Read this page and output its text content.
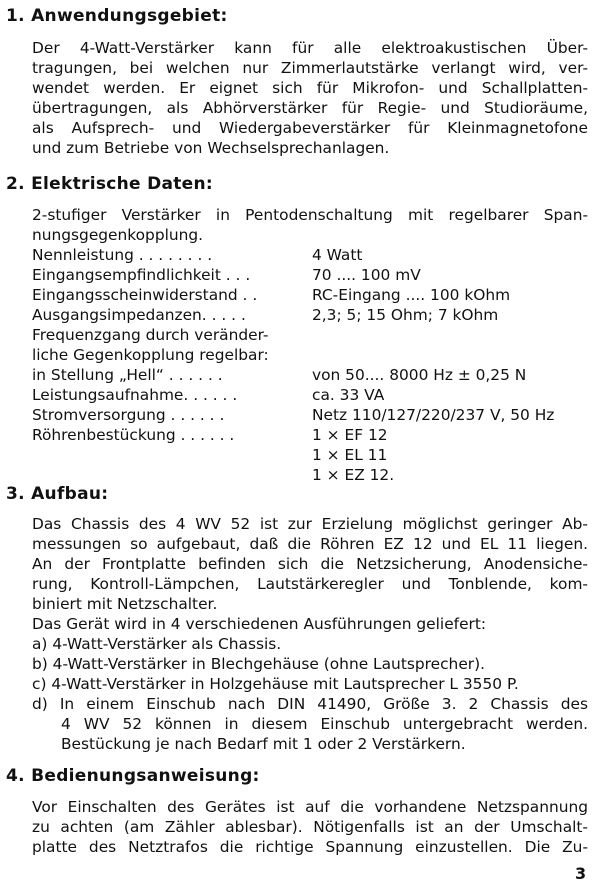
1. Anwendungsgebiet:
Der 4-Watt-Verstärker kann für alle elektroakustischen Über-
tragungen, bei welchen nur Zimmerlautstärke verlangt wird, ver-
wendet werden. Er eignet sich für Mikrofon- und Schallplatten-
übertragungen, als Abhörverstärker für Regie- und Studioräume,
als Aufsprech- und Wiedergabeverstärker für Kleinmagnetofone
und zum Betriebe von Wechselsprechanlagen.
2. Elektrische Daten:
2-stufiger Verstärker in Pentodenschaltung mit regelbarer Span-
nungsgegenkopplung.
Nennleistung . . . . . . . .	4 Watt
Eingangsempfindlichkeit . . .	70 .... 100 mV
Eingangsscheinwiderstand . .	RC-Eingang .... 100 kOhm
Ausgangsimpedanzen. . . . .	2,3; 5; 15 Ohm; 7 kOhm
Frequenzgang durch veränder-
liche Gegenkopplung regelbar:
in Stellung „Hell“ . . . . . .	von 50.... 8000 Hz ± 0,25 N
Leistungsaufnahme. . . . . .	ca. 33 VA
Stromversorgung . . . . . .	Netz 110/127/220/237 V, 50 Hz
Röhrenbestückung . . . . . .	1 × EF 12
1 × EL 11
1 × EZ 12.
3. Aufbau:
Das Chassis des 4 WV 52 ist zur Erzielung möglichst geringer Ab-
messungen so aufgebaut, daß die Röhren EZ 12 und EL 11 liegen.
An der Frontplatte befinden sich die Netzsicherung, Anodensiche-
rung, Kontroll-Lämpchen, Lautstärkeregler und Tonblende, kom-
biniert mit Netzschalter.
Das Gerät wird in 4 verschiedenen Ausführungen geliefert:
a) 4-Watt-Verstärker als Chassis.
b) 4-Watt-Verstärker in Blechgehäuse (ohne Lautsprecher).
c) 4-Watt-Verstärker in Holzgehäuse mit Lautsprecher L 3550 P.
d) In einem Einschub nach DIN 41490, Größe 3. 2 Chassis des
4 WV 52 können in diesem Einschub untergebracht werden.
Bestückung je nach Bedarf mit 1 oder 2 Verstärkern.
4. Bedienungsanweisung:
Vor Einschalten des Gerätes ist auf die vorhandene Netzspannung
zu achten (am Zähler ablesbar). Nötigenfalls ist an der Umschalt-
platte des Netztrafos die richtige Spannung einzustellen. Die Zu-
3
